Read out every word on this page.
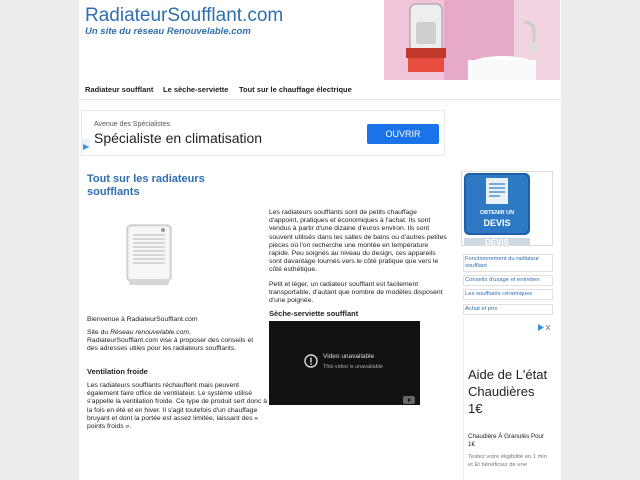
RadiateurSoufflant.com
Un site du réseau Renouvelable.com
Radiateur soufflant Le sèche-serviette Tout sur le chauffage électrique
Avenue des Spécialistes
Spécialiste en climatisation	OUVRIR
Tout sur les radiateurs soufflants
Bienvenue à RadiateurSoufflant.com
Site du Réseau renouvelable.com, RadiateurSoufflant.com vise à proposer des conseils et des adresses utiles pour les radiateurs soufflants.
Ventilation froide
Les radiateurs soufflants réchauffent mais peuvent également faire office de ventilateur. Le système utilisé s'appelle la ventilation froide. Ce type de produit sert donc à la fois en été et en hiver. Il s'agit toutefois d'un chauffage bruyant et dont la portée est assez limitée, laissant des « points froids ».
Les radiateurs soufflants sont de petits chauffage d'appoint, pratiques et économiques à l'achat. Ils sont vendus à partir d'une dizaine d'euros environ. Ils sont souvent utilisés dans les salles de bains ou d'autres petites pièces où l'on recherche une montée en température rapide. Peu soignés au niveau du design, ces appareils sont davantage tournés vers le côté pratique que vers le côté esthétique.
Petit et léger, un radiateur soufflant est facilement transportable, d'autant que nombre de modèles disposent d'une poignée.
Sèche-serviette soufflant
Video unavailable
This video is unavailable
OBTENIR UN
DEVIS
DEVIS
Fonctionnement du radiateur soufflant
Conseils d'usage et entretien
Les soufflants céramiques
Achat et prix
Aide de L'état Chaudières 1€
Chaudière À Granulés Pour 1€
Testez votre éligibilité en 1 min et Et bénéficiez de une
